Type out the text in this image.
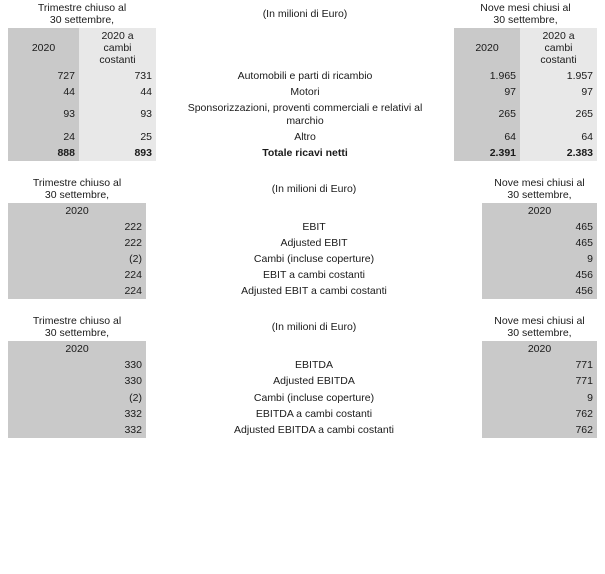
Trimestre chiuso al
30 settembre,
	(In milioni di Euro)	
Nove mesi chiusi al
30 settembre,

2020	
2020 a
cambi
costanti
				2020	
2020 a
cambi
costanti

727	731		Automobili e parti di ricambio		1.965	1.957
44	44		Motori		97	97
93	93		Sponsorizzazioni, proventi commerciali e relativi al marchio		265	265
24	25		Altro		64	64
888	893		Totale ricavi netti		2.391	2.383
Trimestre chiuso al
30 settembre,
	(In milioni di Euro)	
Nove mesi chiusi al
30 settembre,

2020				2020
222		EBIT		465
222		Adjusted EBIT		465
(2)		Cambi (incluse coperture)		9
224		EBIT a cambi costanti		456
224		Adjusted EBIT a cambi costanti		456
Trimestre chiuso al
30 settembre,
	(In milioni di Euro)	
Nove mesi chiusi al
30 settembre,

2020				2020
330		EBITDA		771
330		Adjusted EBITDA		771
(2)		Cambi (incluse coperture)		9
332		EBITDA a cambi costanti		762
332		Adjusted EBITDA a cambi costanti		762
